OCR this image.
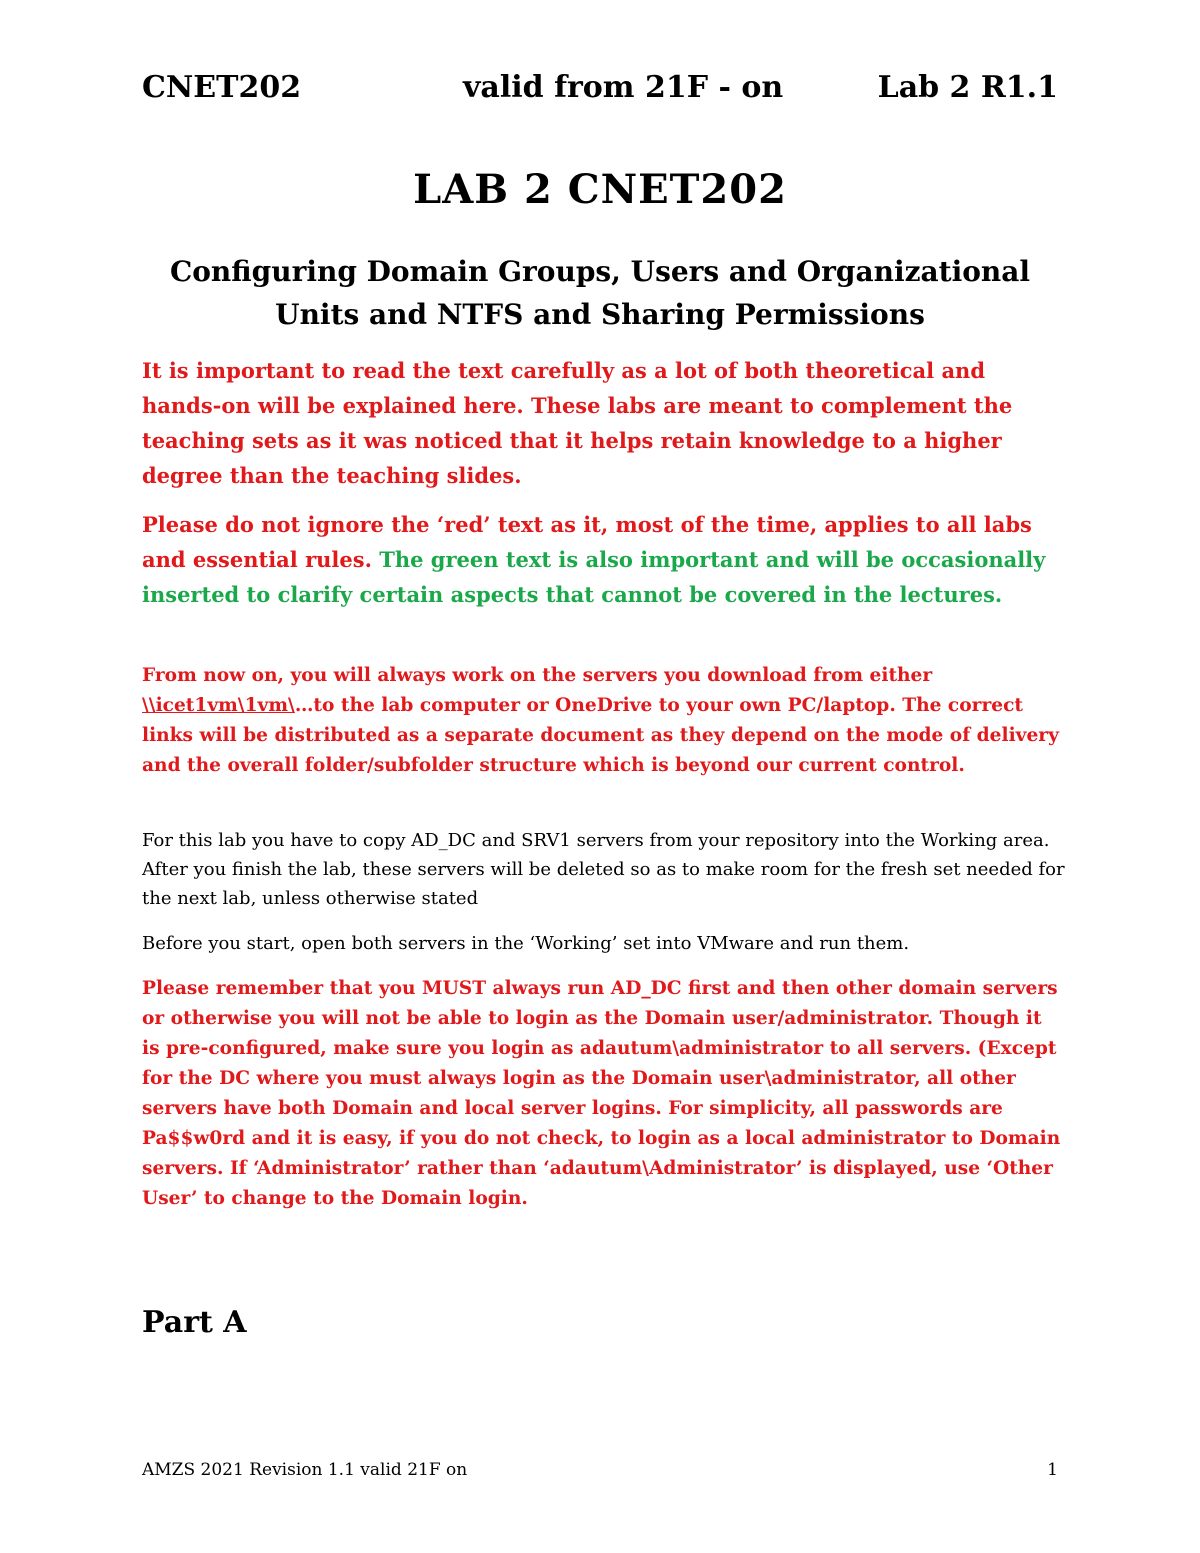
CNET202	valid from 21F - on	Lab 2 R1.1
LAB 2 CNET202
Configuring Domain Groups, Users and Organizational Units and NTFS and Sharing Permissions
It is important to read the text carefully as a lot of both theoretical and hands-on will be explained here. These labs are meant to complement the teaching sets as it was noticed that it helps retain knowledge to a higher degree than the teaching slides.
Please do not ignore the ‘red’ text as it, most of the time, applies to all labs and essential rules. The green text is also important and will be occasionally inserted to clarify certain aspects that cannot be covered in the lectures.
From now on, you will always work on the servers you download from either \\icet1vm\1vm\…to the lab computer or OneDrive to your own PC/laptop. The correct links will be distributed as a separate document as they depend on the mode of delivery and the overall folder/subfolder structure which is beyond our current control.
For this lab you have to copy AD_DC and SRV1 servers from your repository into the Working area. After you finish the lab, these servers will be deleted so as to make room for the fresh set needed for the next lab, unless otherwise stated
Before you start, open both servers in the ‘Working’ set into VMware and run them.
Please remember that you MUST always run AD_DC first and then other domain servers or otherwise you will not be able to login as the Domain user/administrator. Though it is pre-configured, make sure you login as adautum\administrator to all servers. (Except for the DC where you must always login as the Domain user\administrator, all other servers have both Domain and local server logins. For simplicity, all passwords are Pa$$w0rd and it is easy, if you do not check, to login as a local administrator to Domain servers. If ‘Administrator’ rather than ‘adautum\Administrator’ is displayed, use ‘Other User’ to change to the Domain login.
Part A
AMZS 2021 Revision 1.1 valid 21F on	1
